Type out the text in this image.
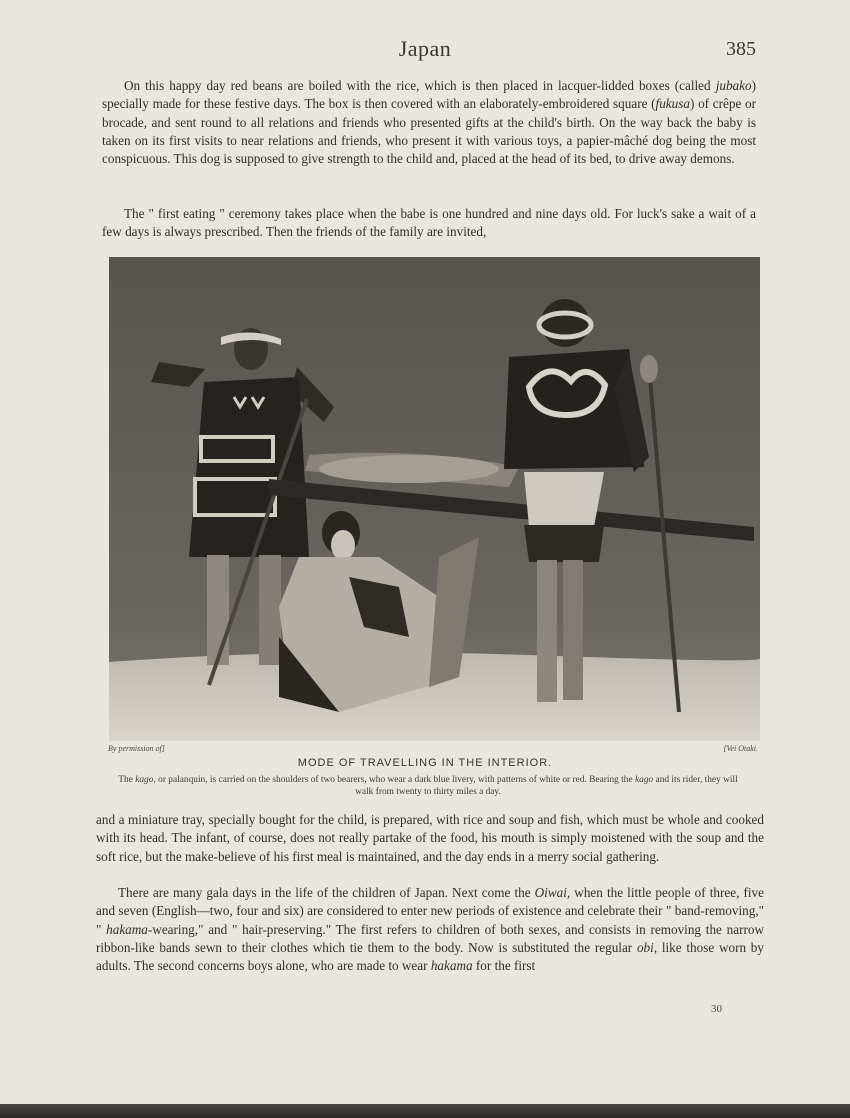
Japan	385

On this happy day red beans are boiled with the rice, which is then placed in lacquer-lidded boxes (called jubako) specially made for these festive days. The box is then covered with an elaborately-embroidered square (fukusa) of crêpe or brocade, and sent round to all relations and friends who presented gifts at the child's birth. On the way back the baby is taken on its first visits to near relations and friends, who present it with various toys, a papier-mâché dog being the most conspicuous. This dog is supposed to give strength to the child and, placed at the head of its bed, to drive away demons.

The " first eating " ceremony takes place when the babe is one hundred and nine days old. For luck's sake a wait of a few days is always prescribed. Then the friends of the family are invited,

By permission of]	[Vei Otaki.
MODE OF TRAVELLING IN THE INTERIOR.
The kago, or palanquin, is carried on the shoulders of two bearers, who wear a dark blue livery, with patterns of white or red. Bearing the kago and its rider, they will walk from twenty to thirty miles a day.

and a miniature tray, specially bought for the child, is prepared, with rice and soup and fish, which must be whole and cooked with its head. The infant, of course, does not really partake of the food, his mouth is simply moistened with the soup and the soft rice, but the make-believe of his first meal is maintained, and the day ends in a merry social gathering.

There are many gala days in the life of the children of Japan. Next come the Oiwai, when the little people of three, five and seven (English—two, four and six) are considered to enter new periods of existence and celebrate their " band-removing," " hakama-wearing," and " hair-preserving." The first refers to children of both sexes, and consists in removing the narrow ribbon-like bands sewn to their clothes which tie them to the body. Now is substituted the regular obi, like those worn by adults. The second concerns boys alone, who are made to wear hakama for the first

30
